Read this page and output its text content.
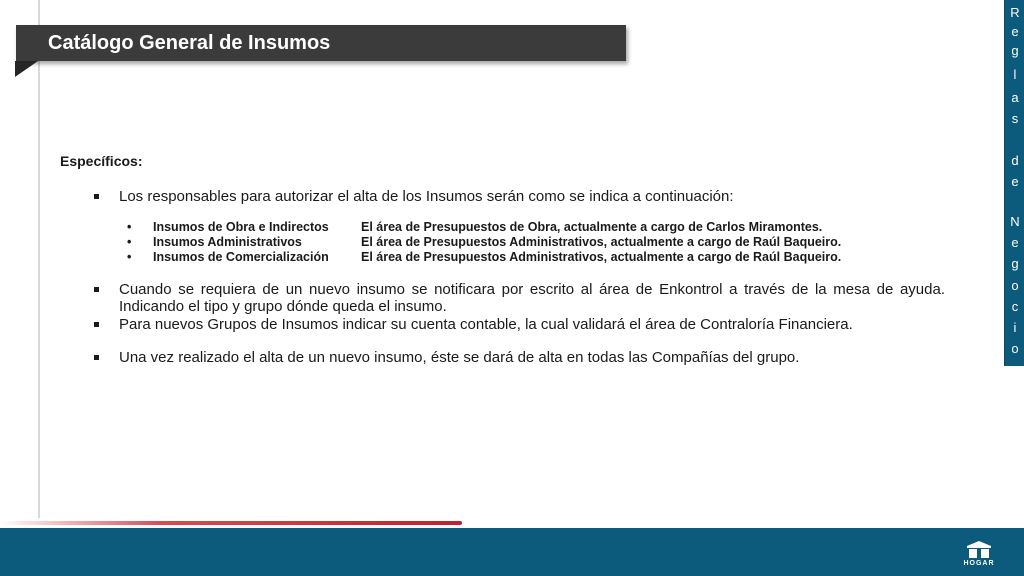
Catálogo General de Insumos
R
e
g
l
a
s
d
e
N
e
g
o
c
i
o
Específicos:
Los responsables para autorizar el alta de los Insumos serán como se indica a continuación:
• Insumos de Obra e Indirectos	El área de Presupuestos de Obra, actualmente a cargo de Carlos Miramontes.
• Insumos Administrativos	El área de Presupuestos Administrativos, actualmente a cargo de Raúl Baqueiro.
• Insumos de Comercialización	El área de Presupuestos Administrativos, actualmente a cargo de Raúl Baqueiro.
Cuando se requiera de un nuevo insumo se notificara por escrito al área de Enkontrol a través de la mesa de ayuda. Indicando el tipo y grupo dónde queda el insumo.
Para nuevos Grupos de Insumos indicar su cuenta contable, la cual validará el área de Contraloría Financiera.
Una vez realizado el alta de un nuevo insumo, éste se dará de alta en todas las Compañías del grupo.
HOGAR
